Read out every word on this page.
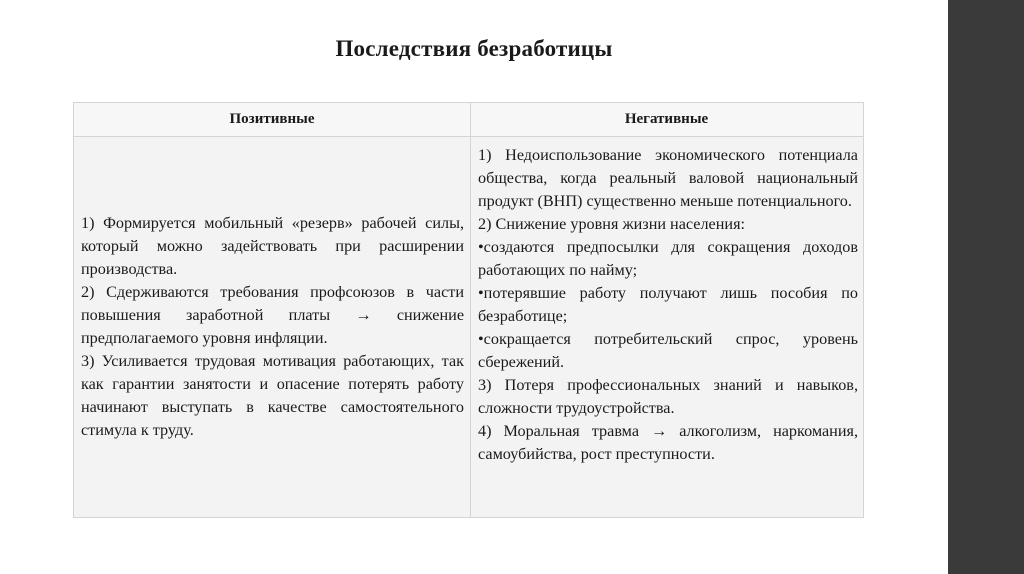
Последствия безработицы
Позитивные	Негативные

1) Формируется мобильный «резерв» рабочей силы, который можно задействовать при расширении производства.

2) Сдерживаются требования профсоюзов в части повышения заработной платы → снижение предполагаемого уровня инфляции.

3) Усиливается трудовая мотивация работающих, так как гарантии занятости и опасение потерять работу начинают выступать в качестве самостоятельного стимула к труду.

1) Недоиспользование экономического потенциала общества, когда реальный валовой национальный продукт (ВНП) существенно меньше потенциального.

2) Снижение уровня жизни населения:

•создаются предпосылки для сокращения доходов работающих по найму;

•потерявшие работу получают лишь пособия по безработице;

•сокращается потребительский спрос, уровень сбережений.

3) Потеря профессиональных знаний и навыков, сложности трудоустройства.

4) Моральная травма → алкоголизм, наркомания, самоубийства, рост преступности.
